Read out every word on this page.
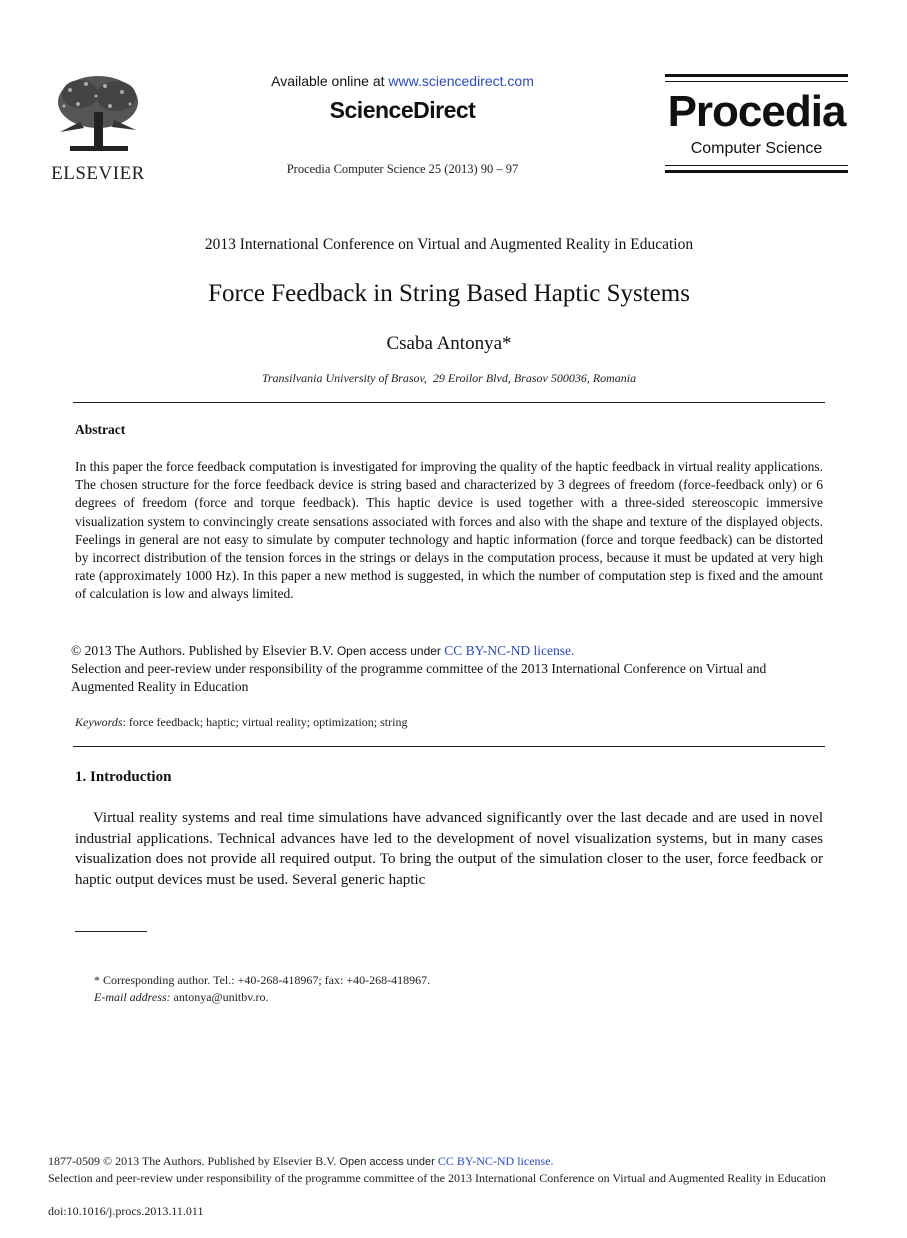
ELSEVIER
Available online at www.sciencedirect.com
ScienceDirect
Procedia Computer Science 25 (2013) 90 – 97
Procedia
Computer Science
2013 International Conference on Virtual and Augmented Reality in Education
Force Feedback in String Based Haptic Systems
Csaba Antonya*
Transilvania University of Brasov,  29 Eroilor Blvd, Brasov 500036, Romania
Abstract
In this paper the force feedback computation is investigated for improving the quality of the haptic feedback in virtual reality applications. The chosen structure for the force feedback device is string based and characterized by 3 degrees of freedom (force-feedback only) or 6 degrees of freedom (force and torque feedback). This haptic device is used together with a three-sided stereoscopic immersive visualization system to convincingly create sensations associated with forces and also with the shape and texture of the displayed objects. Feelings in general are not easy to simulate by computer technology and haptic information (force and torque feedback) can be distorted by incorrect distribution of the tension forces in the strings or delays in the computation process, because it must be updated at very high rate (approximately 1000 Hz). In this paper a new method is suggested, in which the number of computation step is fixed and the amount of calculation is low and always limited.
© 2013 The Authors. Published by Elsevier B.V. Open access under CC BY-NC-ND license.
Selection and peer-review under responsibility of the programme committee of the 2013 International Conference on Virtual and Augmented Reality in Education
Keywords: force feedback; haptic; virtual reality; optimization; string
1. Introduction
Virtual reality systems and real time simulations have advanced significantly over the last decade and are used in novel industrial applications. Technical advances have led to the development of novel visualization systems, but in many cases visualization does not provide all required output. To bring the output of the simulation closer to the user, force feedback or haptic output devices must be used. Several generic haptic
* Corresponding author. Tel.: +40-268-418967; fax: +40-268-418967.
E-mail address: antonya@unitbv.ro.
1877-0509 © 2013 The Authors. Published by Elsevier B.V. Open access under CC BY-NC-ND license.
Selection and peer-review under responsibility of the programme committee of the 2013 International Conference on Virtual and Augmented Reality in Education
doi:10.1016/j.procs.2013.11.011
